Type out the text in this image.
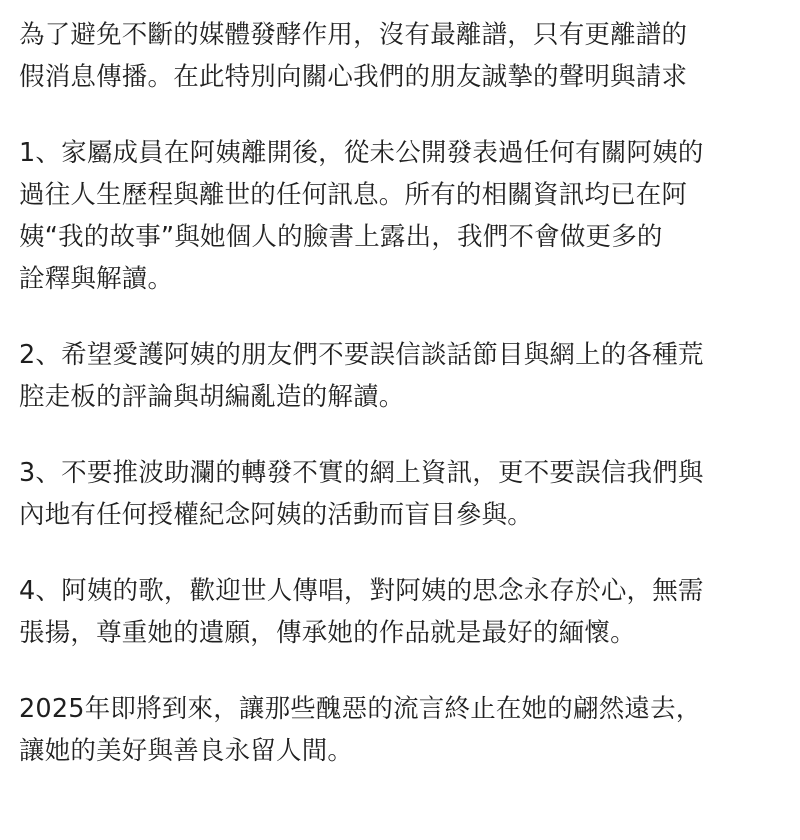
為了避免不斷的媒體發酵作用，沒有最離譜，只有更離譜的
假消息傳播。在此特別向關心我們的朋友誠摯的聲明與請求

1、家屬成員在阿姨離開後，從未公開發表過任何有關阿姨的
過往人生歷程與離世的任何訊息。所有的相關資訊均已在阿
姨“我的故事”與她個人的臉書上露出，我們不會做更多的
詮釋與解讀。

2、希望愛護阿姨的朋友們不要誤信談話節目與網上的各種荒
腔走板的評論與胡編亂造的解讀。

3、不要推波助瀾的轉發不實的網上資訊，更不要誤信我們與
內地有任何授權紀念阿姨的活動而盲目參與。

4、阿姨的歌，歡迎世人傳唱，對阿姨的思念永存於心，無需
張揚，尊重她的遺願，傳承她的作品就是最好的緬懷。

2025年即將到來，讓那些醜惡的流言終止在她的翩然遠去，
讓她的美好與善良永留人間。
